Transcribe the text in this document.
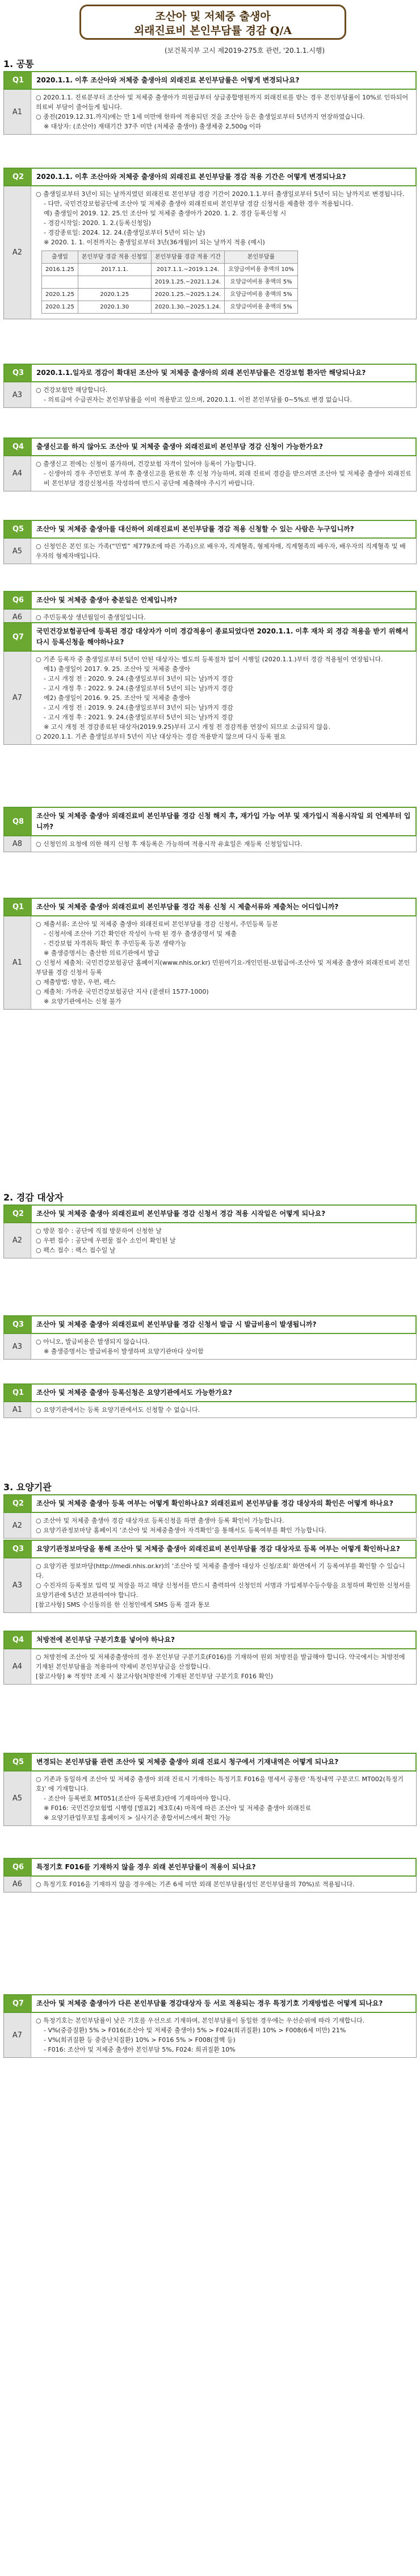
조산아 및 저체중 출생아
외래진료비 본인부담률 경감 Q/A
(보건복지부 고시 제2019-275호 관련, '20.1.1.시행)
1. 공통
2. 경감 대상자
3. 요양기관
Q1	2020.1.1. 이후 조산아와 저체중 출생아의 외래진료 본인부담률은 어떻게 변경되나요?
A1

○ 2020.1.1. 진료분부터 조산아 및 저체중 출생아가 의원급부터 상급종합병원까지 외래진료를 받는 경우 본인부담률이 10%로 인하되어 의료비 부담이 줄어들게 됩니다.

○ 종전(2019.12.31.까지)에는 만 1세 미만에 한하여 적용되던 것을 조산아 등은 출생일로부터 5년까지 연장하였습니다.

※ 대상자: (조산아) 재태기간 37주 미만 (저체중 출생아) 출생체중 2,500g 이하

Q2	2020.1.1. 이후 조산아와 저체중 출생아의 외래진료 본인부담률 경감 적용 기간은 어떻게 변경되나요?
A2

○ 출생일로부터 3년이 되는 날까지였던 외래진료 본인부담 경감 기간이 2020.1.1.부터 출생일로부터 5년이 되는 날까지로 변경됩니다.

- 다만, 국민건강보험공단에 조산아 및 저체중 출생아 외래진료비 본인부담 경감 신청서를 제출한 경우 적용됩니다.

예) 출생일이 2019. 12. 25.인 조산아 및 저체중 출생아가 2020. 1. 2. 경감 등록신청 시

- 경감시작일: 2020. 1. 2.(등록신청일)

- 경감종료일: 2024. 12. 24.(출생일로부터 5년이 되는 날)

※ 2020. 1. 1. 이전까지는 출생일로부터 3년(36개월)이 되는 날까지 적용 (예시)

출생일	본인부담 경감 적용 신청일	본인부담률 경감 적용 기간	본인부담률
2016.1.25	2017.1.1.	2017.1.1.~2019.1.24.	요양급여비용 총액의 10%
		2019.1.25.~2021.1.24.	요양급여비용 총액의 5%
2020.1.25	2020.1.25	2020.1.25.~2025.1.24.	요양급여비용 총액의 5%
2020.1.25	2020.1.30	2020.1.30.~2025.1.24.	요양급여비용 총액의 5%
Q3	2020.1.1.일자로 경감이 확대된 조산아 및 저체중 출생아의 외래 본인부담률은 건강보험 환자만 해당되나요?
A3

○ 건강보험만 해당합니다.

- 의료급여 수급권자는 본인부담률을 이미 적용받고 있으며, 2020.1.1. 이전 본인부담률 0~5%로 변경 없습니다.

Q4	출생신고를 하지 않아도 조산아 및 저체중 출생아 외래진료비 본인부담 경감 신청이 가능한가요?
A4

○ 출생신고 전에는 신청이 불가하며, 건강보험 자격이 있어야 등록이 가능합니다.

- 신생아의 경우 주민번호 부여 후 출생신고를 완료한 후 신청 가능하며, 외래 진료비 경감을 받으려면 조산아 및 저체중 출생아 외래진료비 본인부담 경감신청서를 작성하여 반드시 공단에 제출해야 주시기 바랍니다.

Q5	조산아 및 저체중 출생아를 대신하여 외래진료비 본인부담률 경감 적용 신청할 수 있는 사람은 누구입니까?
A5

○ 신청인은 본인 또는 가족(“민법” 제779조에 따른 가족)으로 배우자, 직계혈족, 형제자매, 직계혈족의 배우자, 배우자의 직계혈족 및 배우자의 형제자매입니다.

Q6	조산아 및 저체중 출생아 충분일은 언제입니까?
A6	○ 주민등록상 생년월일이 출생일입니다.

Q7
국민건강보험공단에 등록된 경감 대상자가 이미 경감적용이 종료되었다면 2020.1.1. 이후 재차 외 경감 적용을 받기 위해서 다시 등록신청을 해야하나요?
A7

○ 기존 등록자 중 출생일로부터 5년이 안된 대상자는 별도의 등록절차 없이 시행일 (2020.1.1.)부터 경감 적용될이 연장됩니다.

예1) 출생일이 2017. 9. 25. 조산아 및 저체중 출생아

- 고시 개정 전 : 2020. 9. 24.(출생일로부터 3년이 되는 날)까지 경감

- 고시 개정 후 : 2022. 9. 24.(출생일로부터 5년이 되는 날)까지 경감

예2) 출생일이 2016. 9. 25. 조산아 및 저체중 출생아

- 고시 개정 전 : 2019. 9. 24.(출생일로부터 3년이 되는 날)까지 경감

- 고시 개정 후 : 2021. 9. 24.(출생일로부터 5년이 되는 날)까지 경감

※ 고시 개정 전 경감종료된 대상자(2019.9.25)부터 고시 개정 전 경감적용 연장이 되므로 소급되지 않음.

○ 2020.1.1. 기존 출생일로부터 5년이 지난 대상자는 경감 적용받지 않으며 다시 등록 필요

Q8
조산아 및 저체중 출생아 외래진료비 본인부담률 경감 신청 해지 후, 재가입 가능 여부 및 재가입시 적용시작일 외 언제부터 입니까?
A8	○ 신청인의 요청에 의한 해지 신청 후 재등록은 가능하며 적용시작 유효일은 재등록 신청일입니다.

Q1	조산아 및 저체중 출생아 외래진료비 본인부담률 경감 적용 신청 시 제출서류와 제출처는 어디입니까?
A1

○ 제출서류: 조산아 및 저체중 출생아 외래진료비 본인부담률 경감 신청서, 주민등록 등본

- 신청서에 조산아 기간 확인란 작성이 누락 된 경우 출생증명서 및 제출

- 건강보험 자격취득 확인 후 주민등록 등본 생략가능

※ 출생증명서는 출산한 의료기관에서 발급

○ 신청서 제출처: 국민건강보험공단 홈페이지(www.nhis.or.kr) 민원여기요-개인민원-보험급여-조산아 및 저체중 출생아 외래진료비 본인부담률 경감 신청서 등록

○ 제출방법: 방문, 우편, 팩스

○ 제출처: 가까운 국민건강보험공단 지사 (콜센터 1577-1000)

※ 요양기관에서는 신청 불가

Q2	조산아 및 저체중 출생아 외래진료비 본인부담률 경감 신청서 경감 적용 시작일은 어떻게 되나요?
A2

○ 방문 접수 : 공단에 직접 방문하여 신청한 날

○ 우편 접수 : 공단에 우편물 접수 소인이 확인된 날

○ 팩스 접수 : 팩스 접수일 날

Q3	조산아 및 저체중 출생아 외래진료비 본인부담률 경감 신청서 발급 시 발급비용이 발생됩니까?
A3

○ 아니오, 발급비용은 발생되지 않습니다.

※ 출생증명서는 발급비용이 발생하며 요양기관마다 상이함

Q1	조산아 및 저체중 출생아 등록신청은 요양기관에서도 가능한가요?
A1	○ 요양기관에서는 등록 요양기관에서도 신청할 수 없습니다.

Q2	조산아 및 저체중 출생아 등록 여부는 어떻게 확인하나요? 외래진료비 본인부담률 경감 대상자의 확인은 어떻게 하나요?
A2

○ 조산아 및 저체중 출생아 경감 대상자로 등록신청을 하면 출생아 등록 확인이 가능합니다.

○ 요양기관정보마당 홈페이지 ‘조산아 및 저체중출생아 자격확인’을 통해서도 등록여부를 확인 가능합니다.

Q3	요양기관정보마당을 통해 조산아 및 저체중 출생아 외래진료비 본인부담률 경감 대상자로 등록 여부는 어떻게 확인하나요?
A3

○ 요양기관 정보마당(http://medi.nhis.or.kr)의 ‘조산아 및 저체중 출생아 대상자 신청/조회’ 화면에서 기 등록여부를 확인할 수 있습니다.

○ 수진자의 등록정보 입력 및 저장을 하고 해당 신청서를 반드시 출력하여 신청인의 서명과 가입제부수등수항을 요청하며 확인한 신청서를 요양기관에 5년간 보관하여야 합니다.

[참고사항] SMS 수신동의를 한 신청인에게 SMS 등록 결과 통보

Q4	처방전에 본인부담 구분기호를 넣어야 하나요?
A4

○ 처방전에 조산아 및 저체중출생아의 경우 본인부담 구분기호(F016)를 기재하여 원외 처방전을 발급해야 합니다. 약국에서는 처방전에 기재된 본인부담률을 적용하여 약제비 본인부담금을 산정합니다.

[참고사항] ※ 적정약 조제 시 참고사항(처방전에 기재된 본인부담 구분기호 F016 확인)

Q5	변경되는 본인부담률 관련 조산아 및 저체중 출생아 외래 진료시 청구에서 기재내역은 어떻게 되나요?
A5

○ 기존과 동일하게 조산아 및 저체중 출생아 외래 진료시 기재하는 특정기호 F016을 명세서 공통란 ‘특정내역 구분코드 MT002(특정기호)’ 에 기재합니다.

- 조산아 등록번호 MT051(조산아 등록번호)란에 기재하여야 합니다.

※ F016: 국민건강보험법 시행령 [별표2] 제3호(4) 마목에 따른 조산아 및 저체중 출생아 외래진료

※ 요양기관업무포털 홈페이지 > 심사기준 종합서비스에서 확인 가능

Q6	특정기호 F016를 기재하지 않을 경우 외래 본인부담률이 적용이 되나요?
A6	○ 특정기호 F016을 기재하지 않을 경우에는 기존 6세 미만 외래 본인부담률(성인 본인부담률의 70%)로 적용됩니다.

Q7	조산아 및 저체중 출생아가 다른 본인부담률 경감대상자 등 서로 적용되는 경우 특정기호 기재방법은 어떻게 되나요?
A7

○ 특정기호는 본인부담률이 낮은 기호를 우선으로 기재하며, 본인부담률이 동일한 경우에는 우선순위에 따라 기재합니다.

- V%(중증질환) 5% > F016(조산아 및 저체중 출생아) 5% > F024(희귀질환) 10% > F008(6세 미만) 21%

- V%(희귀질환 등 중증난치질환) 10% > F016 5% > F008(결핵 등)

- F016: 조산아 및 저체중 출생아 본인부담 5%, F024: 희귀질환 10%
